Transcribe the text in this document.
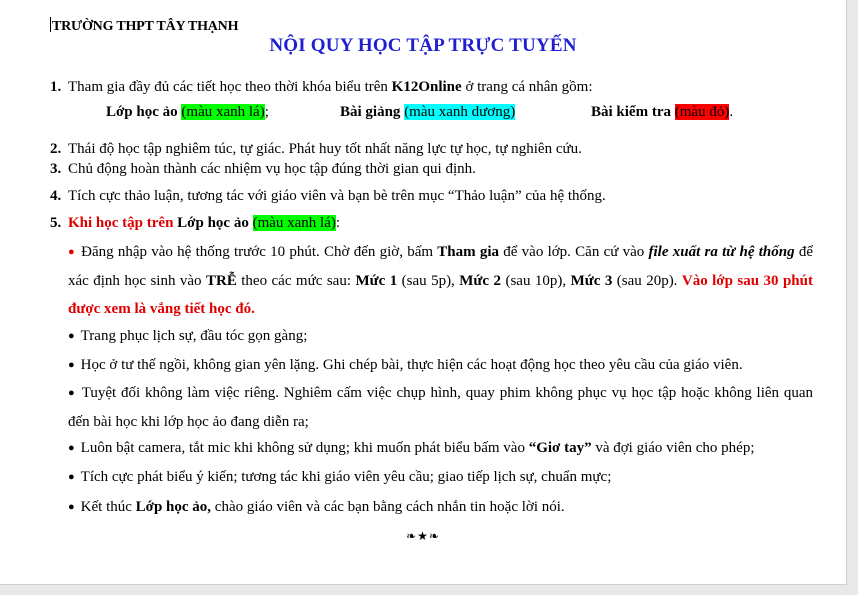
TRƯỜNG THPT TÂY THẠNH
NỘI QUY HỌC TẬP TRỰC TUYẾN
1. Tham gia đầy đủ các tiết học theo thời khóa biểu trên K12Online ở trang cá nhân gồm:
2. Thái độ học tập nghiêm túc, tự giác. Phát huy tốt nhất năng lực tự học, tự nghiên cứu.
3. Chủ động hoàn thành các nhiệm vụ học tập đúng thời gian qui định.
4. Tích cực thảo luận, tương tác với giáo viên và bạn bè trên mục “Thảo luận” của hệ thống.
5. Khi học tập trên Lớp học ảo (màu xanh lá):
Lớp học ảo (màu xanh lá);	Bài giảng (màu xanh dương)	Bài kiểm tra (màu đỏ).
● Đăng nhập vào hệ thống trước 10 phút. Chờ đến giờ, bấm Tham gia để vào lớp. Căn cứ vào file xuất ra từ hệ thống để xác định học sinh vào TRỄ theo các mức sau: Mức 1 (sau 5p), Mức 2 (sau 10p), Mức 3 (sau 20p). Vào lớp sau 30 phút được xem là vắng tiết học đó.
● Trang phục lịch sự, đầu tóc gọn gàng;
● Học ở tư thế ngồi, không gian yên lặng. Ghi chép bài, thực hiện các hoạt động học theo yêu cầu của giáo viên.
● Tuyệt đối không làm việc riêng. Nghiêm cấm việc chụp hình, quay phim không phục vụ học tập hoặc không liên quan đến bài học khi lớp học ảo đang diễn ra;
● Luôn bật camera, tắt mic khi không sử dụng; khi muốn phát biểu bấm vào “Giơ tay” và đợi giáo viên cho phép;
● Tích cực phát biểu ý kiến; tương tác khi giáo viên yêu cầu; giao tiếp lịch sự, chuẩn mực;
● Kết thúc Lớp học ảo, chào giáo viên và các bạn bằng cách nhắn tin hoặc lời nói.
❧★❧
